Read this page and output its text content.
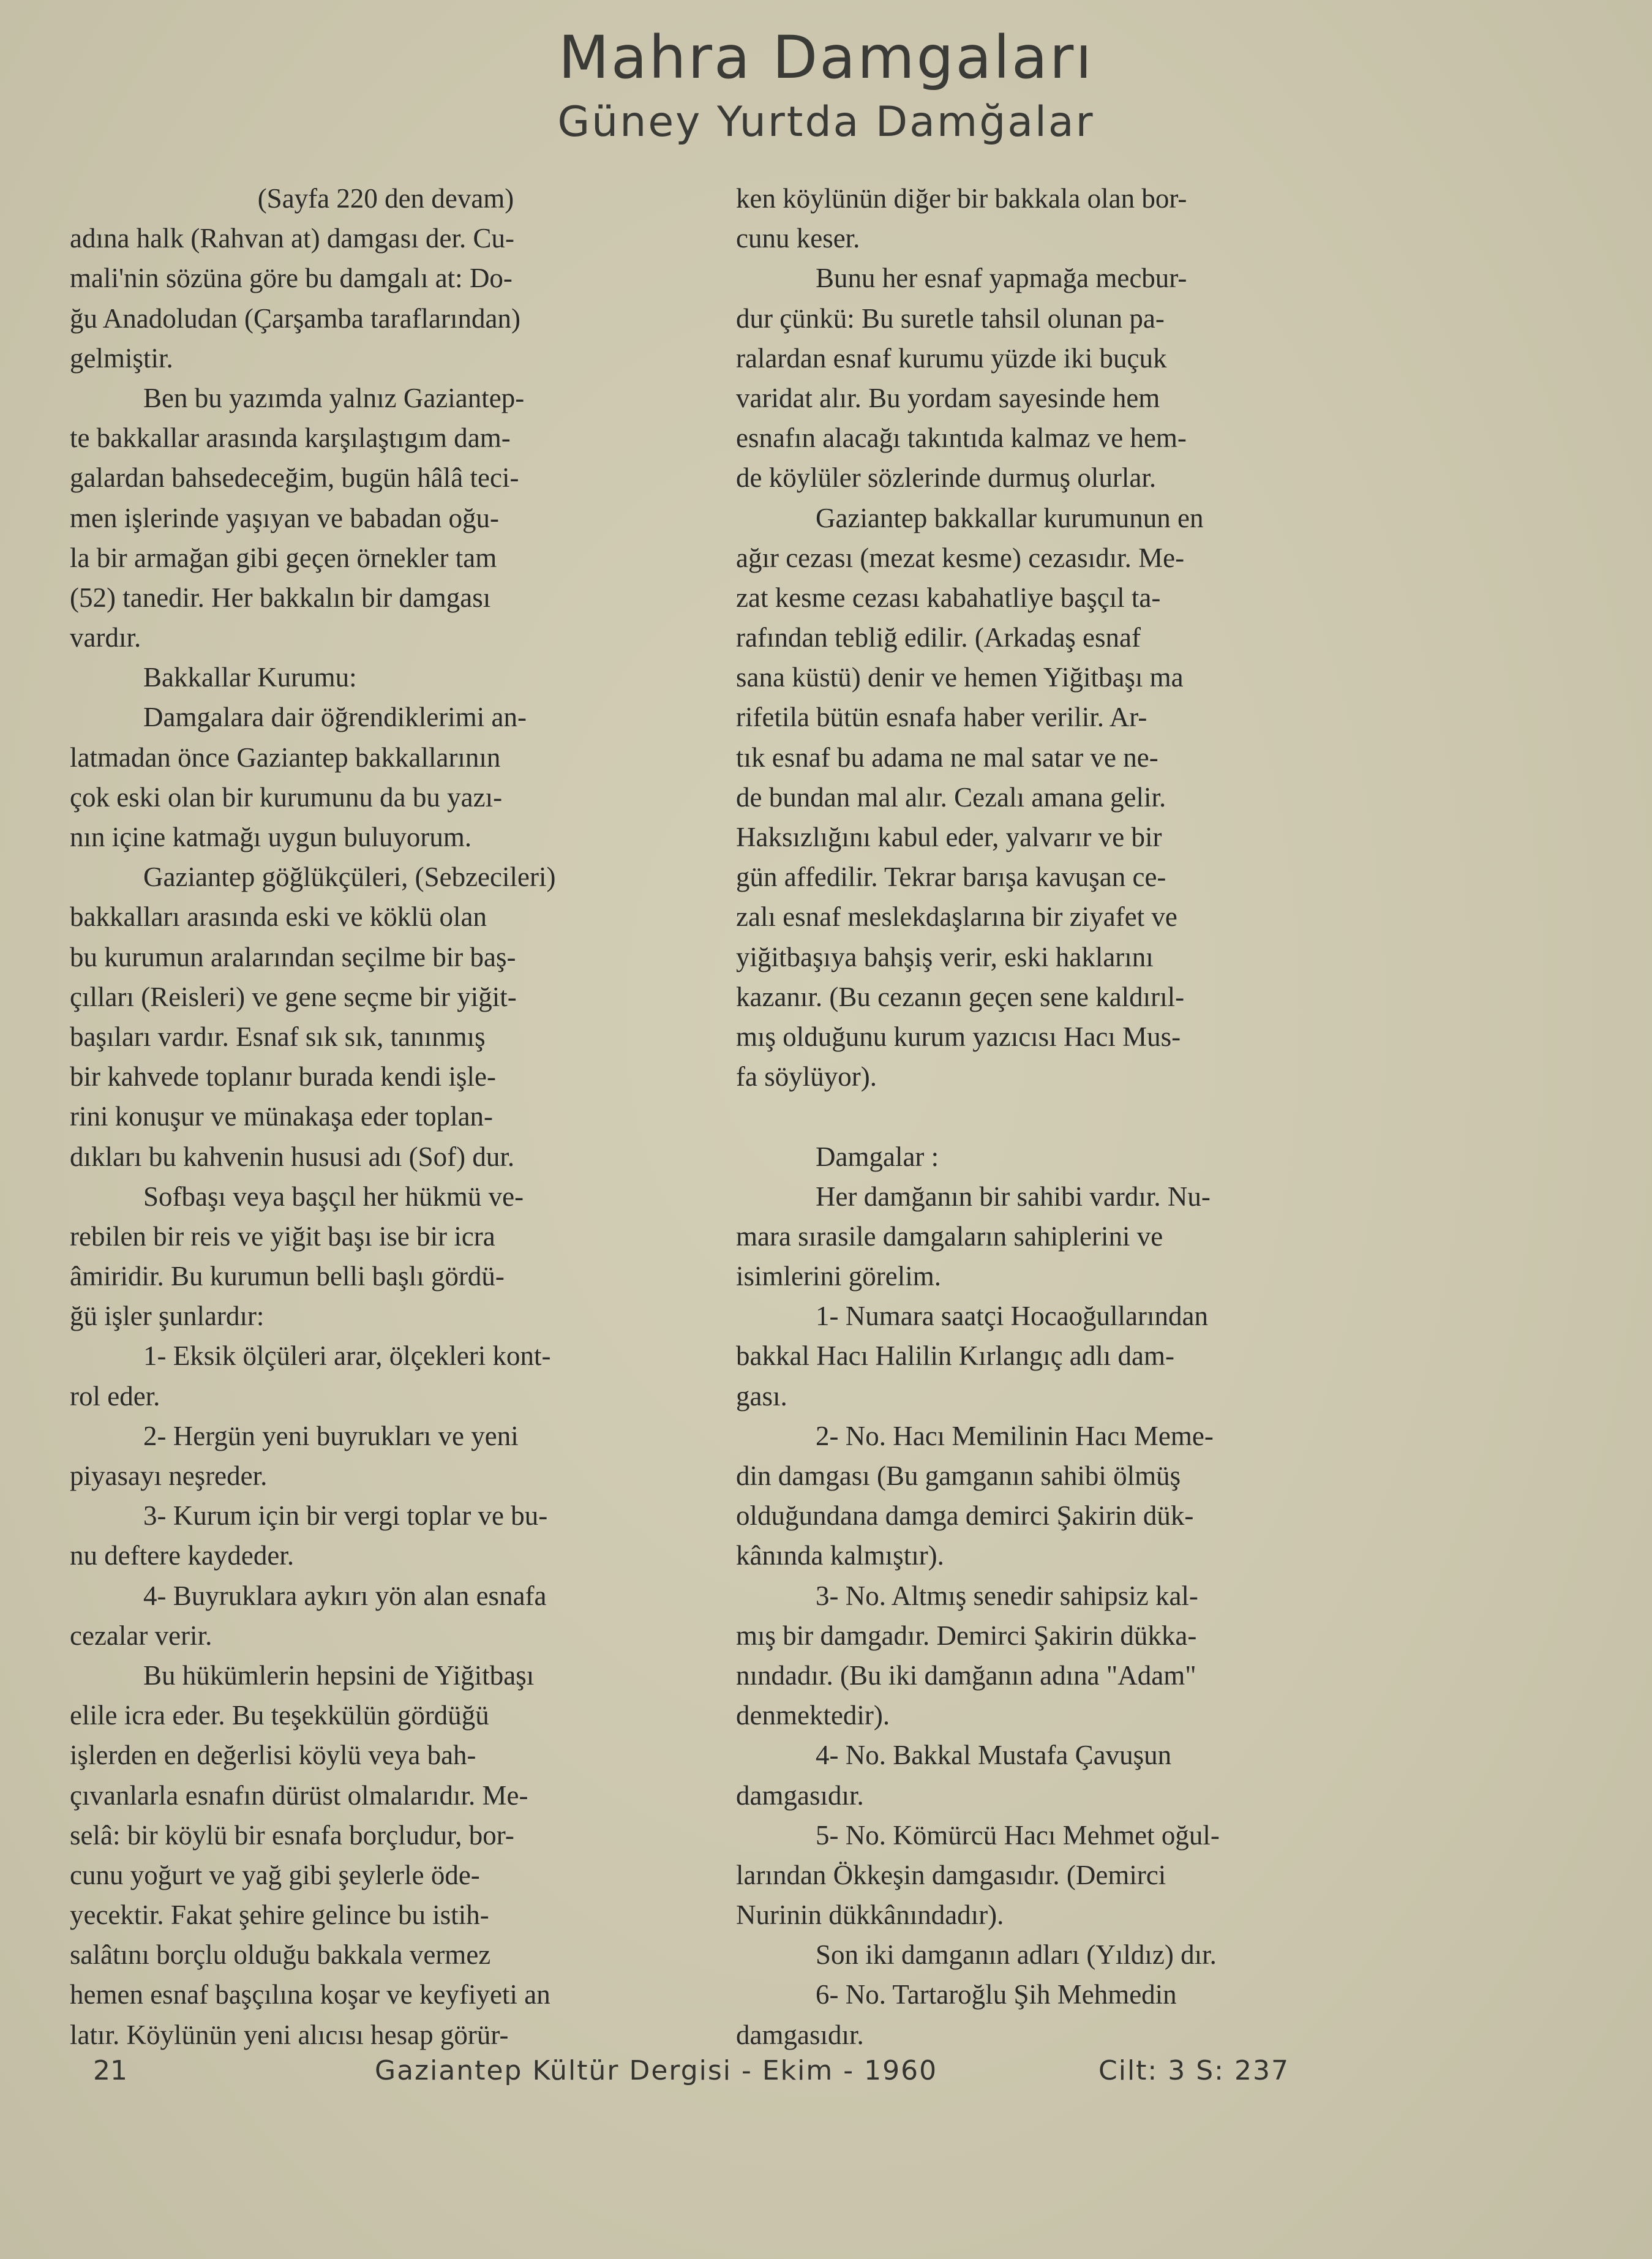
Mahra Damgaları
Güney Yurtda Damğalar
(Sayfa 220 den devam)
adına halk (Rahvan at) damgası der. Cu-
mali'nin sözüna göre bu damgalı at: Do-
ğu Anadoludan (Çarşamba taraflarından)
gelmiştir.
Ben bu yazımda yalnız Gaziantep-
te bakkallar arasında karşılaştıgım dam-
galardan bahsedeceğim, bugün hâlâ teci-
men işlerinde yaşıyan ve babadan oğu-
la bir armağan gibi geçen örnekler tam
(52) tanedir. Her bakkalın bir damgası
vardır.
Bakkallar Kurumu:
Damgalara dair öğrendiklerimi an-
latmadan önce Gaziantep bakkallarının
çok eski olan bir kurumunu da bu yazı-
nın içine katmağı uygun buluyorum.
Gaziantep göğlükçüleri, (Sebzecileri)
bakkalları arasında eski ve köklü olan
bu kurumun aralarından seçilme bir baş-
çılları (Reisleri) ve gene seçme bir yiğit-
başıları vardır. Esnaf sık sık, tanınmış
bir kahvede toplanır burada kendi işle-
rini konuşur ve münakaşa eder toplan-
dıkları bu kahvenin hususi adı (Sof) dur.
Sofbaşı veya başçıl her hükmü ve-
rebilen bir reis ve yiğit başı ise bir icra
âmiridir. Bu kurumun belli başlı gördü-
ğü işler şunlardır:
1- Eksik ölçüleri arar, ölçekleri kont-
rol eder.
2- Hergün yeni buyrukları ve yeni
piyasayı neşreder.
3- Kurum için bir vergi toplar ve bu-
nu deftere kaydeder.
4- Buyruklara aykırı yön alan esnafa
cezalar verir.
Bu hükümlerin hepsini de Yiğitbaşı
elile icra eder. Bu teşekkülün gördüğü
işlerden en değerlisi köylü veya bah-
çıvanlarla esnafın dürüst olmalarıdır. Me-
selâ: bir köylü bir esnafa borçludur, bor-
cunu yoğurt ve yağ gibi şeylerle öde-
yecektir. Fakat şehire gelince bu istih-
salâtını borçlu olduğu bakkala vermez
hemen esnaf başçılına koşar ve keyfiyeti an
latır. Köylünün yeni alıcısı hesap görür-
ken köylünün diğer bir bakkala olan bor-
cunu keser.
Bunu her esnaf yapmağa mecbur-
dur çünkü: Bu suretle tahsil olunan pa-
ralardan esnaf kurumu yüzde iki buçuk
varidat alır. Bu yordam sayesinde hem
esnafın alacağı takıntıda kalmaz ve hem-
de köylüler sözlerinde durmuş olurlar.
Gaziantep bakkallar kurumunun en
ağır cezası (mezat kesme) cezasıdır. Me-
zat kesme cezası kabahatliye başçıl ta-
rafından tebliğ edilir. (Arkadaş esnaf
sana küstü) denir ve hemen Yiğitbaşı ma
rifetila bütün esnafa haber verilir. Ar-
tık esnaf bu adama ne mal satar ve ne-
de bundan mal alır. Cezalı amana gelir.
Haksızlığını kabul eder, yalvarır ve bir
gün affedilir. Tekrar barışa kavuşan ce-
zalı esnaf meslekdaşlarına bir ziyafet ve
yiğitbaşıya bahşiş verir, eski haklarını
kazanır. (Bu cezanın geçen sene kaldırıl-
mış olduğunu kurum yazıcısı Hacı Mus-
fa söylüyor).
Damgalar :
Her damğanın bir sahibi vardır. Nu-
mara sırasile damgaların sahiplerini ve
isimlerini görelim.
1- Numara saatçi Hocaoğullarından
bakkal Hacı Halilin Kırlangıç adlı dam-
gası.
2- No. Hacı Memilinin Hacı Meme-
din damgası (Bu gamganın sahibi ölmüş
olduğundana damga demirci Şakirin dük-
kânında kalmıştır).
3- No. Altmış senedir sahipsiz kal-
mış bir damgadır. Demirci Şakirin dükka-
nındadır. (Bu iki damğanın adına "Adam"
denmektedir).
4- No. Bakkal Mustafa Çavuşun
damgasıdır.
5- No. Kömürcü Hacı Mehmet oğul-
larından Ökkeşin damgasıdır. (Demirci
Nurinin dükkânındadır).
Son iki damganın adları (Yıldız) dır.
6- No. Tartaroğlu Şih Mehmedin
damgasıdır.
21	Gaziantep Kültür Dergisi - Ekim - 1960	Cilt: 3 S: 237
